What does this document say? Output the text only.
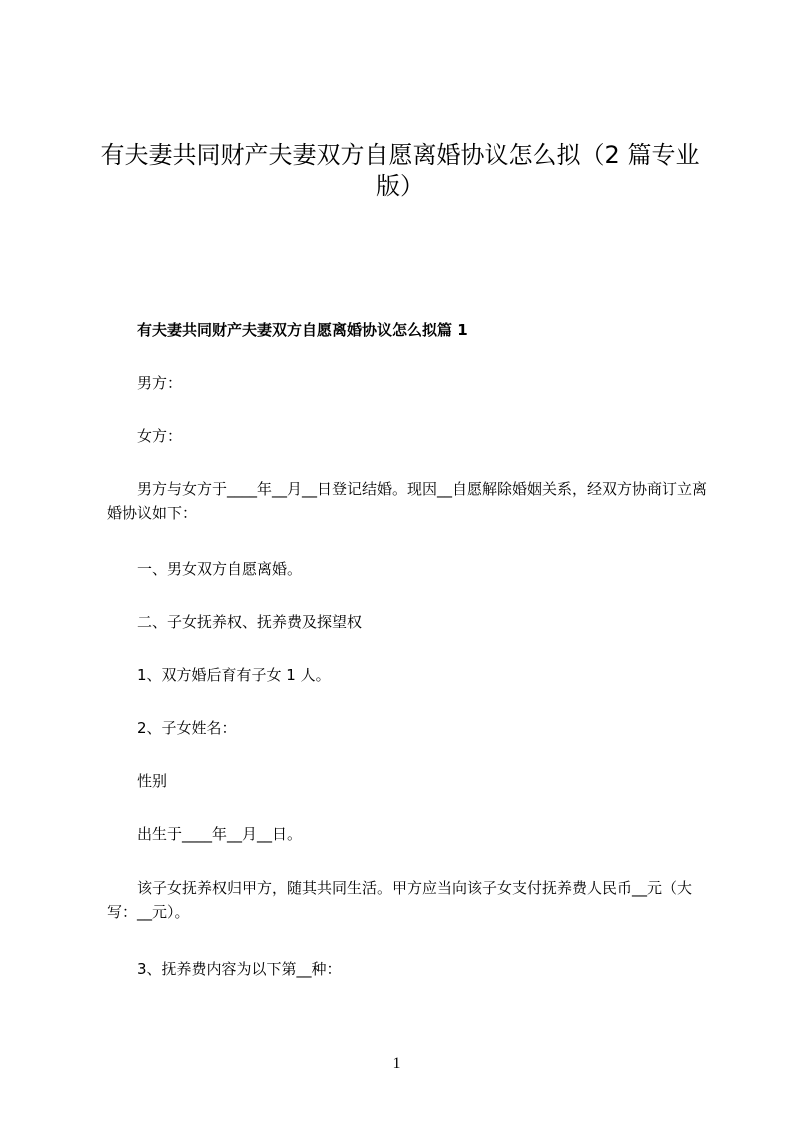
有夫妻共同财产夫妻双方自愿离婚协议怎么拟（2 篇专业版）

有夫妻共同财产夫妻双方自愿离婚协议怎么拟篇 1

男方：

女方：

男方与女方于____年__月__日登记结婚。现因__自愿解除婚姻关系，经双方协商订立离婚协议如下：

一、男女双方自愿离婚。

二、子女抚养权、抚养费及探望权

1、双方婚后育有子女 1 人。

2、子女姓名：

性别

出生于____年__月__日。

该子女抚养权归甲方，随其共同生活。甲方应当向该子女支付抚养费人民币__元（大写：__元）。

3、抚养费内容为以下第__种：

1
